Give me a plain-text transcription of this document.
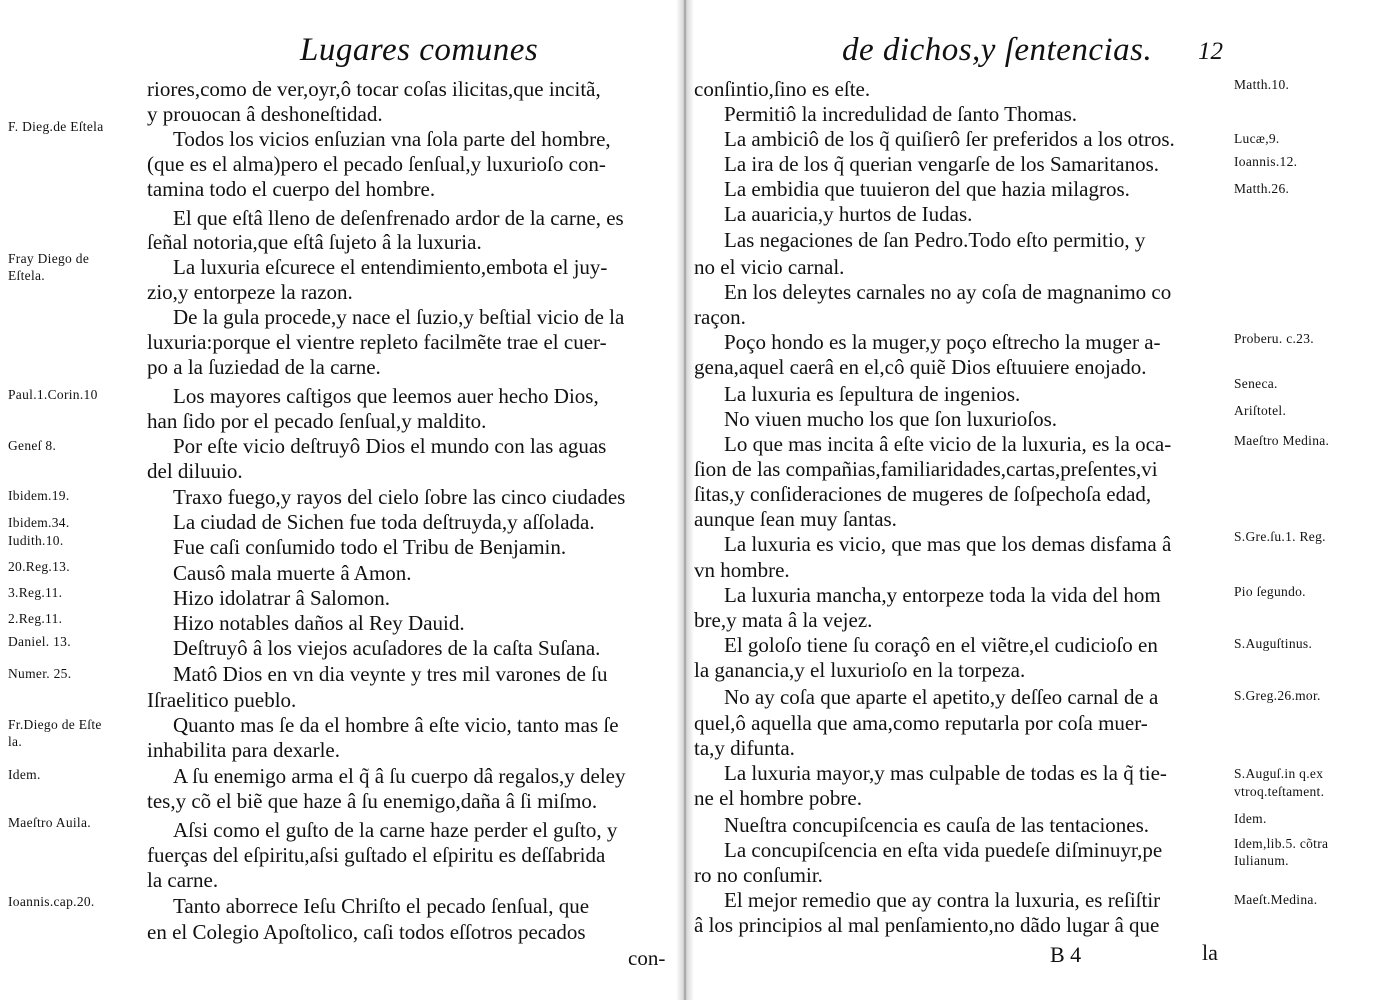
Lugares comunes
F. Dieg.de Eſtela
Fray Diego de
Eſtela.
Paul.1.Corin.10
Geneſ 8.
Ibidem.19.
Ibidem.34.
Iudith.10.
20.Reg.13.
3.Reg.11.
2.Reg.11.
Daniel. 13.
Numer. 25.
Fr.Diego de Eſte
la.
Idem.
Maeſtro Auila.
Ioannis.cap.20.
riores,como de ver,oyr,ô tocar coſas ilicitas,que incitã,
y prouocan â deshoneſtidad.
Todos los vicios enſuzian vna ſola parte del hombre,
(que es el alma)pero el pecado ſenſual,y luxurioſo con-
tamina todo el cuerpo del hombre.
El que eſtâ lleno de deſenfrenado ardor de la carne, es
ſeñal notoria,que eſtâ ſujeto â la luxuria.
La luxuria eſcurece el entendimiento,embota el juy-
zio,y entorpeze la razon.
De la gula procede,y nace el ſuzio,y beſtial vicio de la
luxuria:porque el vientre repleto facilmẽte trae el cuer-
po a la ſuziedad de la carne.
Los mayores caſtigos que leemos auer hecho Dios,
han ſido por el pecado ſenſual,y maldito.
Por eſte vicio deſtruyô Dios el mundo con las aguas
del diluuio.
Traxo fuego,y rayos del cielo ſobre las cinco ciudades
La ciudad de Sichen fue toda deſtruyda,y aſſolada.
Fue caſi conſumido todo el Tribu de Benjamin.
Causô mala muerte â Amon.
Hizo idolatrar â Salomon.
Hizo notables daños al Rey Dauid.
Deſtruyô â los viejos acuſadores de la caſta Suſana.
Matô Dios en vn dia veynte y tres mil varones de ſu
Iſraelitico pueblo.
Quanto mas ſe da el hombre â eſte vicio, tanto mas ſe
inhabilita para dexarle.
A ſu enemigo arma el q̃ â ſu cuerpo dâ regalos,y deley
tes,y cõ el biẽ que haze â ſu enemigo,daña â ſi miſmo.
Aſsi como el guſto de la carne haze perder el guſto, y
fuerças del eſpiritu,aſsi guſtado el eſpiritu es deſſabrida
la carne.
Tanto aborrece Ieſu Chriſto el pecado ſenſual, que
en el Colegio Apoſtolico, caſi todos eſſotros pecados
con-
de dichos,y ſentencias. 12
Matth.10.
Lucæ,9.
Ioannis.12.
Matth.26.
Proberu. c.23.
Seneca.
Ariſtotel.
Maeſtro Medina.
S.Gre.ſu.1. Reg.
Pio ſegundo.
S.Auguſtinus.
S.Greg.26.mor.
S.Auguſ.in q.ex
vtroq.teſtament.
Idem.
Idem,lib.5. cõtra
Iulianum.
Maeſt.Medina.
conſintio,ſino es eſte.
Permitiô la incredulidad de ſanto Thomas.
La ambiciô de los q̃ quiſierô ſer preferidos a los otros.
La ira de los q̃ querian vengarſe de los Samaritanos.
La embidia que tuuieron del que hazia milagros.
La auaricia,y hurtos de Iudas.
Las negaciones de ſan Pedro.Todo eſto permitio, y
no el vicio carnal.
En los deleytes carnales no ay coſa de magnanimo co
raçon.
Poço hondo es la muger,y poço eſtrecho la muger a-
gena,aquel caerâ en el,cô quiẽ Dios eſtuuiere enojado.
La luxuria es ſepultura de ingenios.
No viuen mucho los que ſon luxurioſos.
Lo que mas incita â eſte vicio de la luxuria, es la oca-
ſion de las compañias,familiaridades,cartas,preſentes,vi
ſitas,y conſideraciones de mugeres de ſoſpechoſa edad,
aunque ſean muy ſantas.
La luxuria es vicio, que mas que los demas disfama â
vn hombre.
La luxuria mancha,y entorpeze toda la vida del hom
bre,y mata â la vejez.
El goloſo tiene ſu coraçô en el viẽtre,el cudicioſo en
la ganancia,y el luxurioſo en la torpeza.
No ay coſa que aparte el apetito,y deſſeo carnal de a
quel,ô aquella que ama,como reputarla por coſa muer-
ta,y difunta.
La luxuria mayor,y mas culpable de todas es la q̃ tie-
ne el hombre pobre.
Nueſtra concupiſcencia es cauſa de las tentaciones.
La concupiſcencia en eſta vida puedeſe diſminuyr,pe
ro no conſumir.
El mejor remedio que ay contra la luxuria, es reſiſtir
â los principios al mal penſamiento,no dãdo lugar â que
B 4	la
